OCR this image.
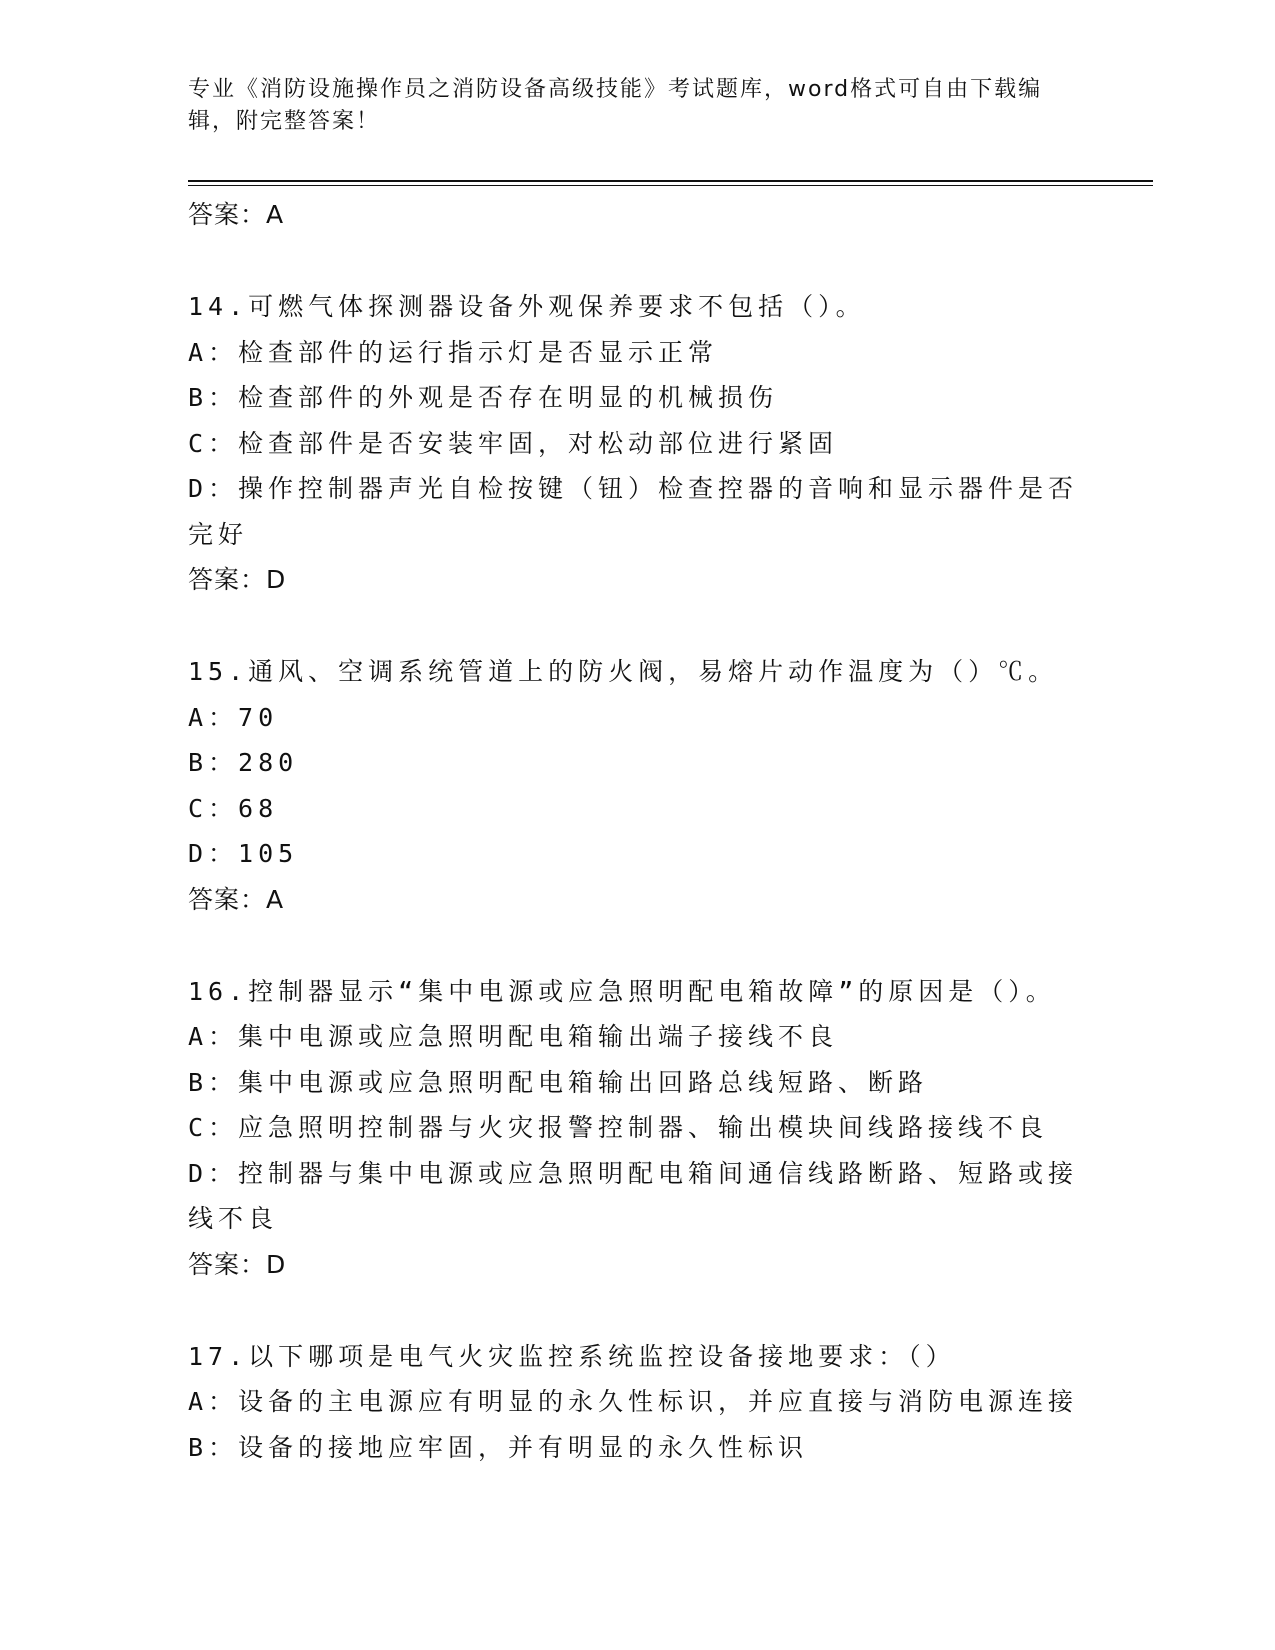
专业《消防设施操作员之消防设备高级技能》考试题库，word格式可自由下载编辑，附完整答案！
答案：A
14.可燃气体探测器设备外观保养要求不包括（）。
A：检查部件的运行指示灯是否显示正常
B：检查部件的外观是否存在明显的机械损伤
C：检查部件是否安装牢固，对松动部位进行紧固
D：操作控制器声光自检按键（钮）检查控器的音响和显示器件是否完好
答案：D
15.通风、空调系统管道上的防火阀，易熔片动作温度为（）℃。
A：70
B：280
C：68
D：105
答案：A
16.控制器显示“集中电源或应急照明配电箱故障”的原因是（）。
A：集中电源或应急照明配电箱输出端子接线不良
B：集中电源或应急照明配电箱输出回路总线短路、断路
C：应急照明控制器与火灾报警控制器、输出模块间线路接线不良
D：控制器与集中电源或应急照明配电箱间通信线路断路、短路或接线不良
答案：D
17.以下哪项是电气火灾监控系统监控设备接地要求：（）
A：设备的主电源应有明显的永久性标识，并应直接与消防电源连接
B：设备的接地应牢固，并有明显的永久性标识
